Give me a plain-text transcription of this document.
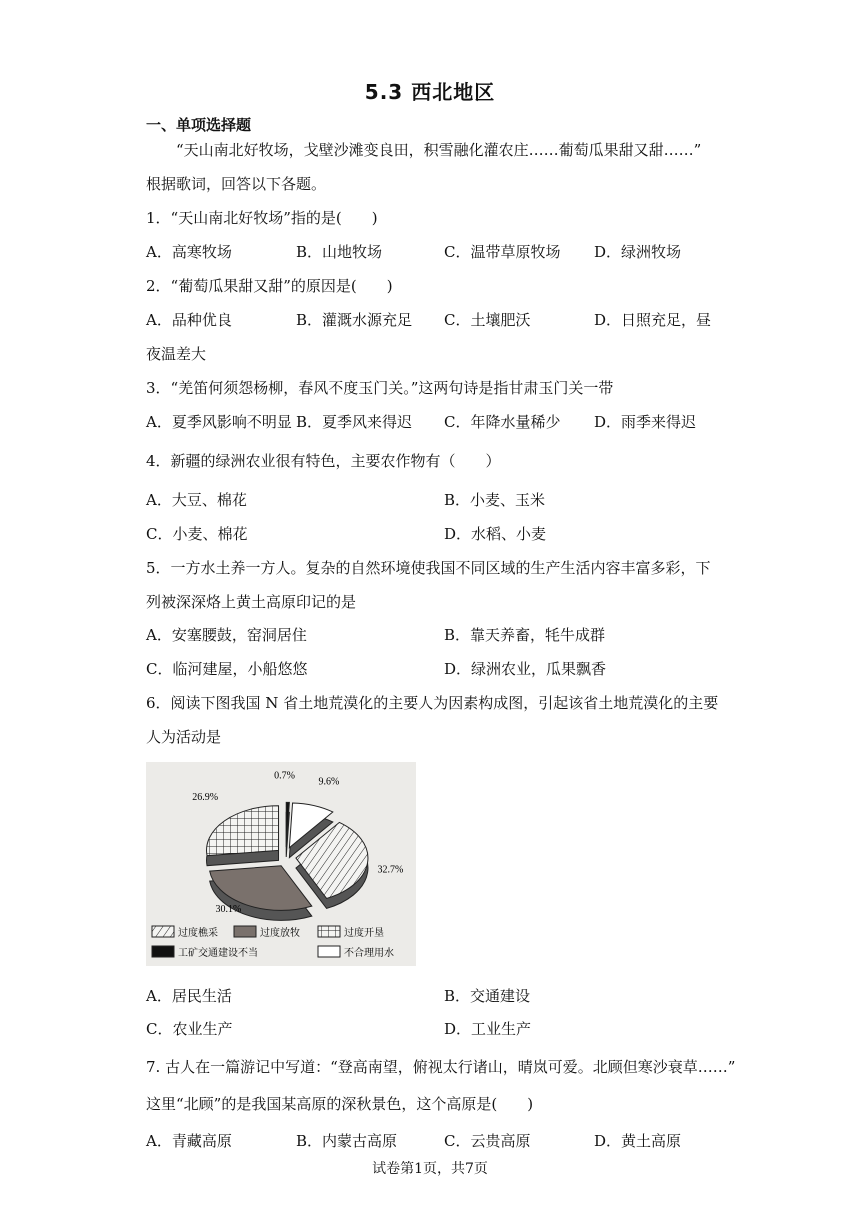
5.3 西北地区
一、单项选择题
“天山南北好牧场，戈壁沙滩变良田，积雪融化灌农庄……葡萄瓜果甜又甜……”
根据歌词，回答以下各题。
1．“天山南北好牧场”指的是(　　)
A．高寒牧场	B．山地牧场	C．温带草原牧场 D．绿洲牧场
2．“葡萄瓜果甜又甜”的原因是(　　)
A．品种优良	B．灌溉水源充足 C．土壤肥沃	D．日照充足，昼
夜温差大
3．“羌笛何须怨杨柳，春风不度玉门关。”这两句诗是指甘肃玉门关一带
A．夏季风影响不明显 B．夏季风来得迟 C．年降水量稀少 D．雨季来得迟
4．新疆的绿洲农业很有特色，主要农作物有（　　）
A．大豆、棉花	B．小麦、玉米
C．小麦、棉花	D．水稻、小麦
5．一方水土养一方人。复杂的自然环境使我国不同区域的生产生活内容丰富多彩，下
列被深深烙上黄土高原印记的是
A．安塞腰鼓，窑洞居住	B．靠天养畜，牦牛成群
C．临河建屋，小船悠悠	D．绿洲农业，瓜果飘香
6．阅读下图我国 N 省土地荒漠化的主要人为因素构成图，引起该省土地荒漠化的主要
人为活动是
26.9%
0.7%
9.6%
32.7%
30.1%
过度樵采	过度放牧	过度开垦
工矿交通建设不当	不合理用水
A．居民生活	B．交通建设
C．农业生产	D．工业生产
7. 古人在一篇游记中写道：“登高南望，俯视太行诸山，晴岚可爱。北顾但寒沙衰草……”
这里“北顾”的是我国某高原的深秋景色，这个高原是(　　)
A．青藏高原	B．内蒙古高原	C．云贵高原	D．黄土高原
试卷第1页，共7页
